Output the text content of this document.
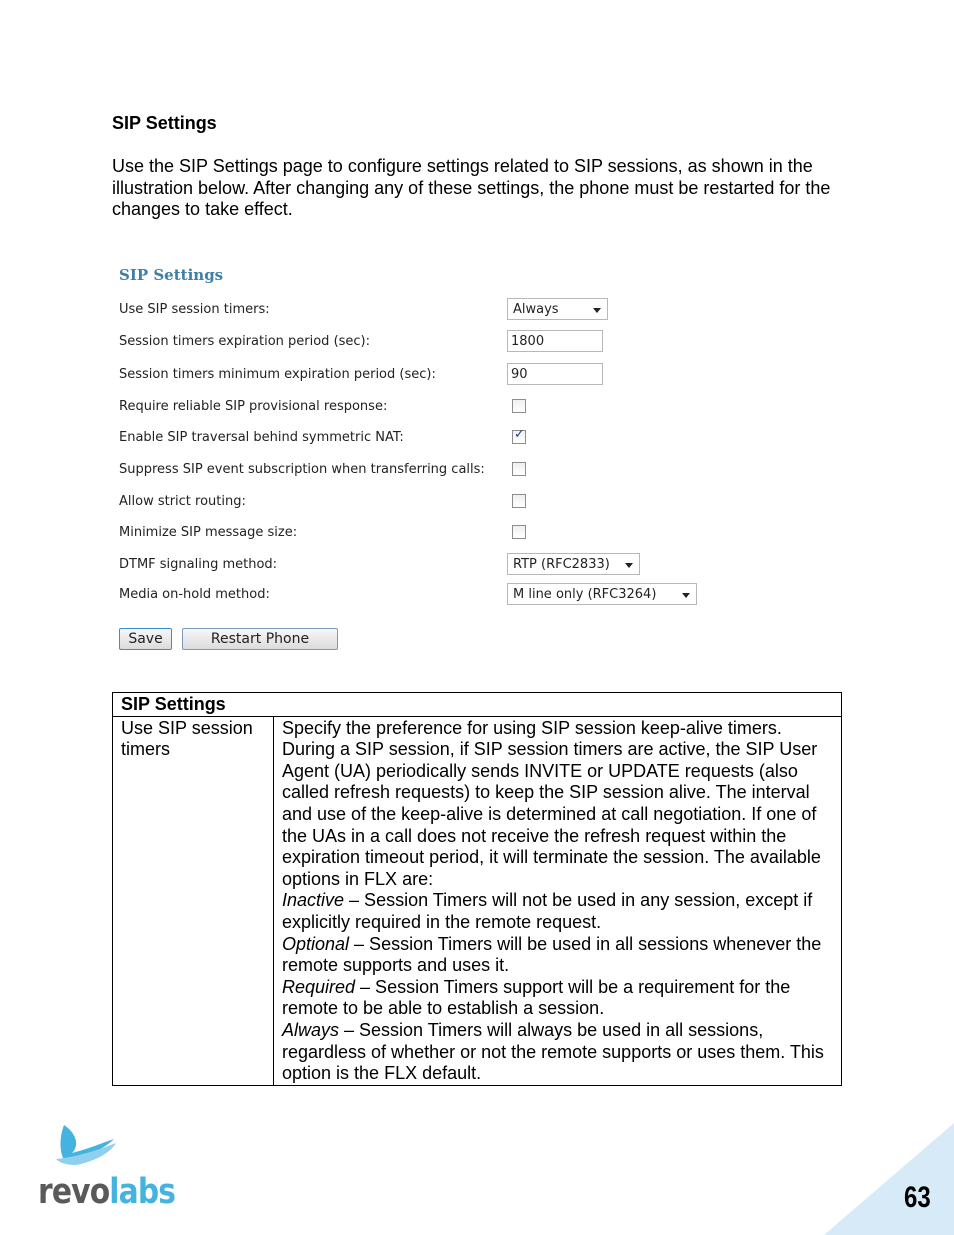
SIP Settings
Use the SIP Settings page to configure settings related to SIP sessions, as shown in the illustration below. After changing any of these settings, the phone must be restarted for the changes to take effect.
SIP Settings
Use SIP session timers:	Always
Session timers expiration period (sec):	1800
Session timers minimum expiration period (sec):	90
Require reliable SIP provisional response:
Enable SIP traversal behind symmetric NAT:	✓
Suppress SIP event subscription when transferring calls:
Allow strict routing:
Minimize SIP message size:
DTMF signaling method:	RTP (RFC2833)
Media on-hold method:	M line only (RFC3264)
Save	Restart Phone
SIP Settings
Use SIP session timers	Specify the preference for using SIP session keep-alive timers. During a SIP session, if SIP session timers are active, the SIP User Agent (UA) periodically sends INVITE or UPDATE requests (also called refresh requests) to keep the SIP session alive. The interval and use of the keep-alive is determined at call negotiation. If one of the UAs in a call does not receive the refresh request within the expiration timeout period, it will terminate the session. The available options in FLX are:
Inactive – Session Timers will not be used in any session, except if explicitly required in the remote request.
Optional – Session Timers will be used in all sessions whenever the remote supports and uses it.
Required – Session Timers support will be a requirement for the remote to be able to establish a session.
Always – Session Timers will always be used in all sessions, regardless of whether or not the remote supports or uses them. This option is the FLX default.
revolabs	63
